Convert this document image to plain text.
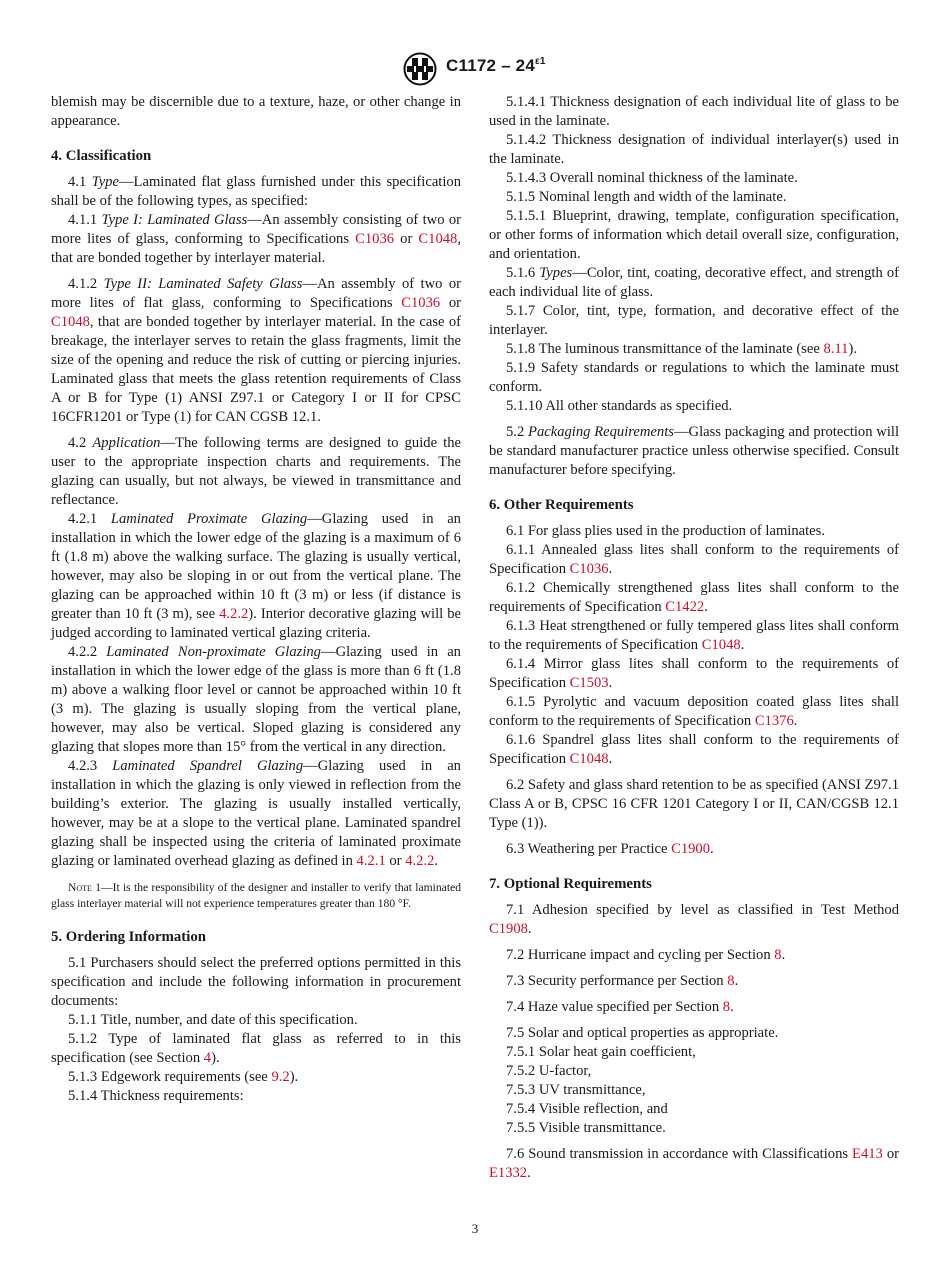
$C1172 - 24^{\varepsilon 1}$

blemish may be discernible due to a texture, haze, or other change in appearance.

4. Classification

4.1 Type—Laminated flat glass furnished under this specification shall be of the following types, as specified:

4.1.1 Type I: Laminated Glass—An assembly consisting of two or more lites of glass, conforming to Specifications C1036 or C1048, that are bonded together by interlayer material.

4.1.2 Type II: Laminated Safety Glass—An assembly of two or more lites of flat glass, conforming to Specifications C1036 or C1048, that are bonded together by interlayer material. In the case of breakage, the interlayer serves to retain the glass fragments, limit the size of the opening and reduce the risk of cutting or piercing injuries. Laminated glass that meets the glass retention requirements of Class A or B for Type (1) ANSI Z97.1 or Category I or II for CPSC 16CFR1201 or Type (1) for CAN CGSB 12.1.

4.2 Application—The following terms are designed to guide the user to the appropriate inspection charts and requirements. The glazing can usually, but not always, be viewed in transmittance and reflectance.

4.2.1 Laminated Proximate Glazing—Glazing used in an installation in which the lower edge of the glazing is a maximum of 6 ft (1.8 m) above the walking surface. The glazing is usually vertical, however, may also be sloping in or out from the vertical plane. The glazing can be approached within 10 ft (3 m) or less (if distance is greater than 10 ft (3 m), see 4.2.2). Interior decorative glazing will be judged according to laminated vertical glazing criteria.

4.2.2 Laminated Non-proximate Glazing—Glazing used in an installation in which the lower edge of the glass is more than 6 ft (1.8 m) above a walking floor level or cannot be approached within 10 ft (3 m). The glazing is usually sloping from the vertical plane, however, may also be vertical. Sloped glazing is considered any glazing that slopes more than 15° from the vertical in any direction.

4.2.3 Laminated Spandrel Glazing—Glazing used in an installation in which the glazing is only viewed in reflection from the building’s exterior. The glazing is usually installed vertically, however, may be at a slope to the vertical plane. Laminated spandrel glazing shall be inspected using the criteria of laminated proximate glazing or laminated overhead glazing as defined in 4.2.1 or 4.2.2.

Note 1—It is the responsibility of the designer and installer to verify that laminated glass interlayer material will not experience temperatures greater than 180 °F.

5. Ordering Information

5.1 Purchasers should select the preferred options permitted in this specification and include the following information in procurement documents:

5.1.1 Title, number, and date of this specification.

5.1.2 Type of laminated flat glass as referred to in this specification (see Section 4).

5.1.3 Edgework requirements (see 9.2).

5.1.4 Thickness requirements:

5.1.4.1 Thickness designation of each individual lite of glass to be used in the laminate.

5.1.4.2 Thickness designation of individual interlayer(s) used in the laminate.

5.1.4.3 Overall nominal thickness of the laminate.

5.1.5 Nominal length and width of the laminate.

5.1.5.1 Blueprint, drawing, template, configuration specification, or other forms of information which detail overall size, configuration, and orientation.

5.1.6 Types—Color, tint, coating, decorative effect, and strength of each individual lite of glass.

5.1.7 Color, tint, type, formation, and decorative effect of the interlayer.

5.1.8 The luminous transmittance of the laminate (see 8.11).

5.1.9 Safety standards or regulations to which the laminate must conform.

5.1.10 All other standards as specified.

5.2 Packaging Requirements—Glass packaging and protection will be standard manufacturer practice unless otherwise specified. Consult manufacturer before specifying.

6. Other Requirements

6.1 For glass plies used in the production of laminates.

6.1.1 Annealed glass lites shall conform to the requirements of Specification C1036.

6.1.2 Chemically strengthened glass lites shall conform to the requirements of Specification C1422.

6.1.3 Heat strengthened or fully tempered glass lites shall conform to the requirements of Specification C1048.

6.1.4 Mirror glass lites shall conform to the requirements of Specification C1503.

6.1.5 Pyrolytic and vacuum deposition coated glass lites shall conform to the requirements of Specification C1376.

6.1.6 Spandrel glass lites shall conform to the requirements of Specification C1048.

6.2 Safety and glass shard retention to be as specified (ANSI Z97.1 Class A or B, CPSC 16 CFR 1201 Category I or II, CAN/CGSB 12.1 Type (1)).

6.3 Weathering per Practice C1900.

7. Optional Requirements

7.1 Adhesion specified by level as classified in Test Method C1908.

7.2 Hurricane impact and cycling per Section 8.

7.3 Security performance per Section 8.

7.4 Haze value specified per Section 8.

7.5 Solar and optical properties as appropriate.

7.5.1 Solar heat gain coefficient,

7.5.2 U-factor,

7.5.3 UV transmittance,

7.5.4 Visible reflection, and

7.5.5 Visible transmittance.

7.6 Sound transmission in accordance with Classifications E413 or E1332.

3
